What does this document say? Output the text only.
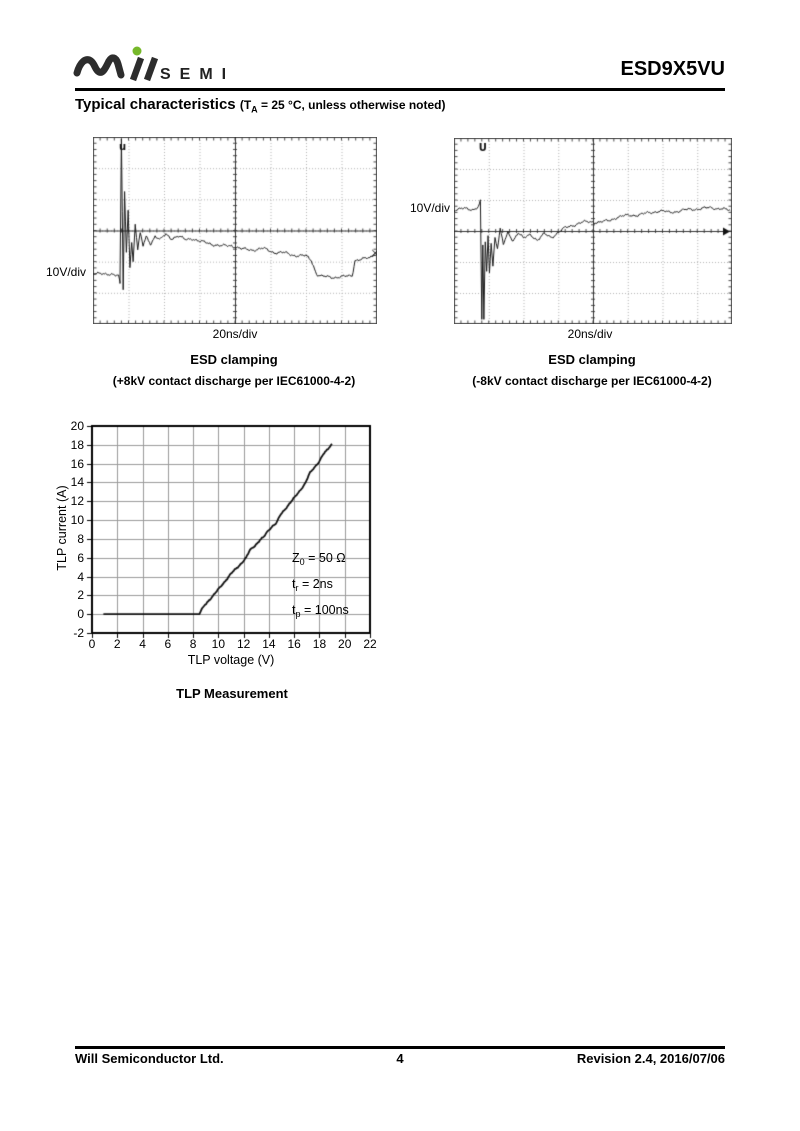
SEMI	ESD9X5VU
Typical characteristics ($T_A = 25$ °C, unless otherwise noted)
10V/div
20ns/div
ESD clamping
(+8kV contact discharge per IEC61000-4-2)
10V/div
20ns/div
ESD clamping
(-8kV contact discharge per IEC61000-4-2)
20
18
16
14
12
10
8
6
4
2
0
-2
0	2	4	6	8	10 12 14 16 18 20 22
TLP current (A)
TLP voltage (V)
$Z_0 = 50$ Ω
$t_r = 2ns$
$t_p = 100ns$
TLP Measurement
Will Semiconductor Ltd.	4	Revision 2.4, 2016/07/06
